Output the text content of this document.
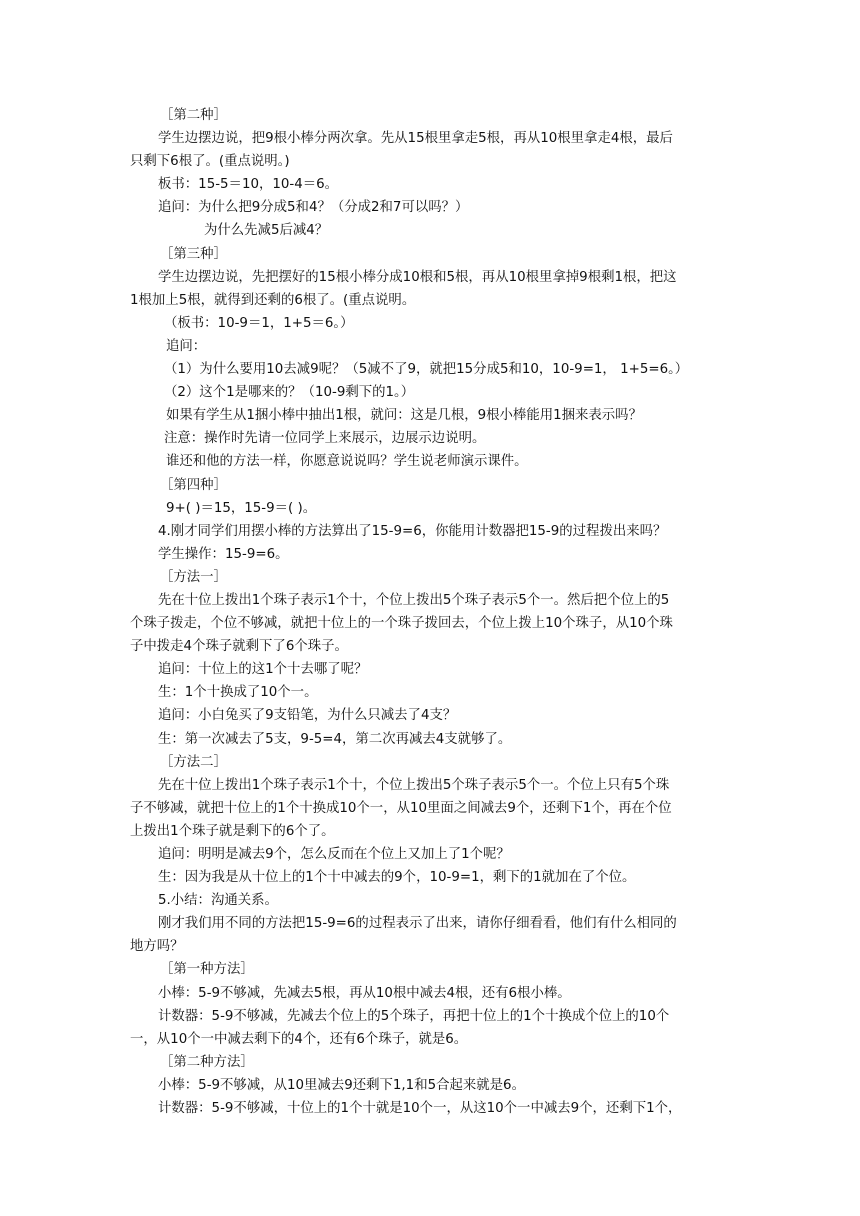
［第二种］
学生边摆边说，把9根小棒分两次拿。先从15根里拿走5根，再从10根里拿走4根，最后
只剩下6根了。(重点说明。)
板书：15-5＝10，10-4＝6。
追问：为什么把9分成5和4？（分成2和7可以吗？）
为什么先减5后减4？
［第三种］
学生边摆边说，先把摆好的15根小棒分成10根和5根，再从10根里拿掉9根剩1根，把这
1根加上5根，就得到还剩的6根了。(重点说明。
（板书：10-9＝1，1+5＝6。）
追问：
（1）为什么要用10去减9呢？（5减不了9，就把15分成5和10，10-9=1， 1+5=6。）
（2）这个1是哪来的？（10-9剩下的1。）
如果有学生从1捆小棒中抽出1根，就问：这是几根，9根小棒能用1捆来表示吗？
注意：操作时先请一位同学上来展示，边展示边说明。
谁还和他的方法一样，你愿意说说吗？学生说老师演示课件。
［第四种］
9+( )＝15，15-9＝( )。
4.刚才同学们用摆小棒的方法算出了15-9=6，你能用计数器把15-9的过程拨出来吗？
学生操作：15-9=6。
［方法一］
先在十位上拨出1个珠子表示1个十，个位上拨出5个珠子表示5个一。然后把个位上的5
个珠子拨走，个位不够减，就把十位上的一个珠子拨回去，个位上拨上10个珠子，从10个珠
子中拨走4个珠子就剩下了6个珠子。
追问：十位上的这1个十去哪了呢？
生：1个十换成了10个一。
追问：小白兔买了9支铅笔，为什么只减去了4支？
生：第一次减去了5支，9-5=4，第二次再减去4支就够了。
［方法二］
先在十位上拨出1个珠子表示1个十，个位上拨出5个珠子表示5个一。个位上只有5个珠
子不够减，就把十位上的1个十换成10个一，从10里面之间减去9个，还剩下1个，再在个位
上拨出1个珠子就是剩下的6个了。
追问：明明是减去9个，怎么反而在个位上又加上了1个呢？
生：因为我是从十位上的1个十中减去的9个，10-9=1，剩下的1就加在了个位。
5.小结：沟通关系。
刚才我们用不同的方法把15-9=6的过程表示了出来，请你仔细看看，他们有什么相同的
地方吗？
［第一种方法］
小棒：5-9不够减，先减去5根，再从10根中减去4根，还有6根小棒。
计数器：5-9不够减，先减去个位上的5个珠子，再把十位上的1个十换成个位上的10个
一，从10个一中减去剩下的4个，还有6个珠子，就是6。
［第二种方法］
小棒：5-9不够减，从10里减去9还剩下1,1和5合起来就是6。
计数器：5-9不够减，十位上的1个十就是10个一，从这10个一中减去9个，还剩下1个，
